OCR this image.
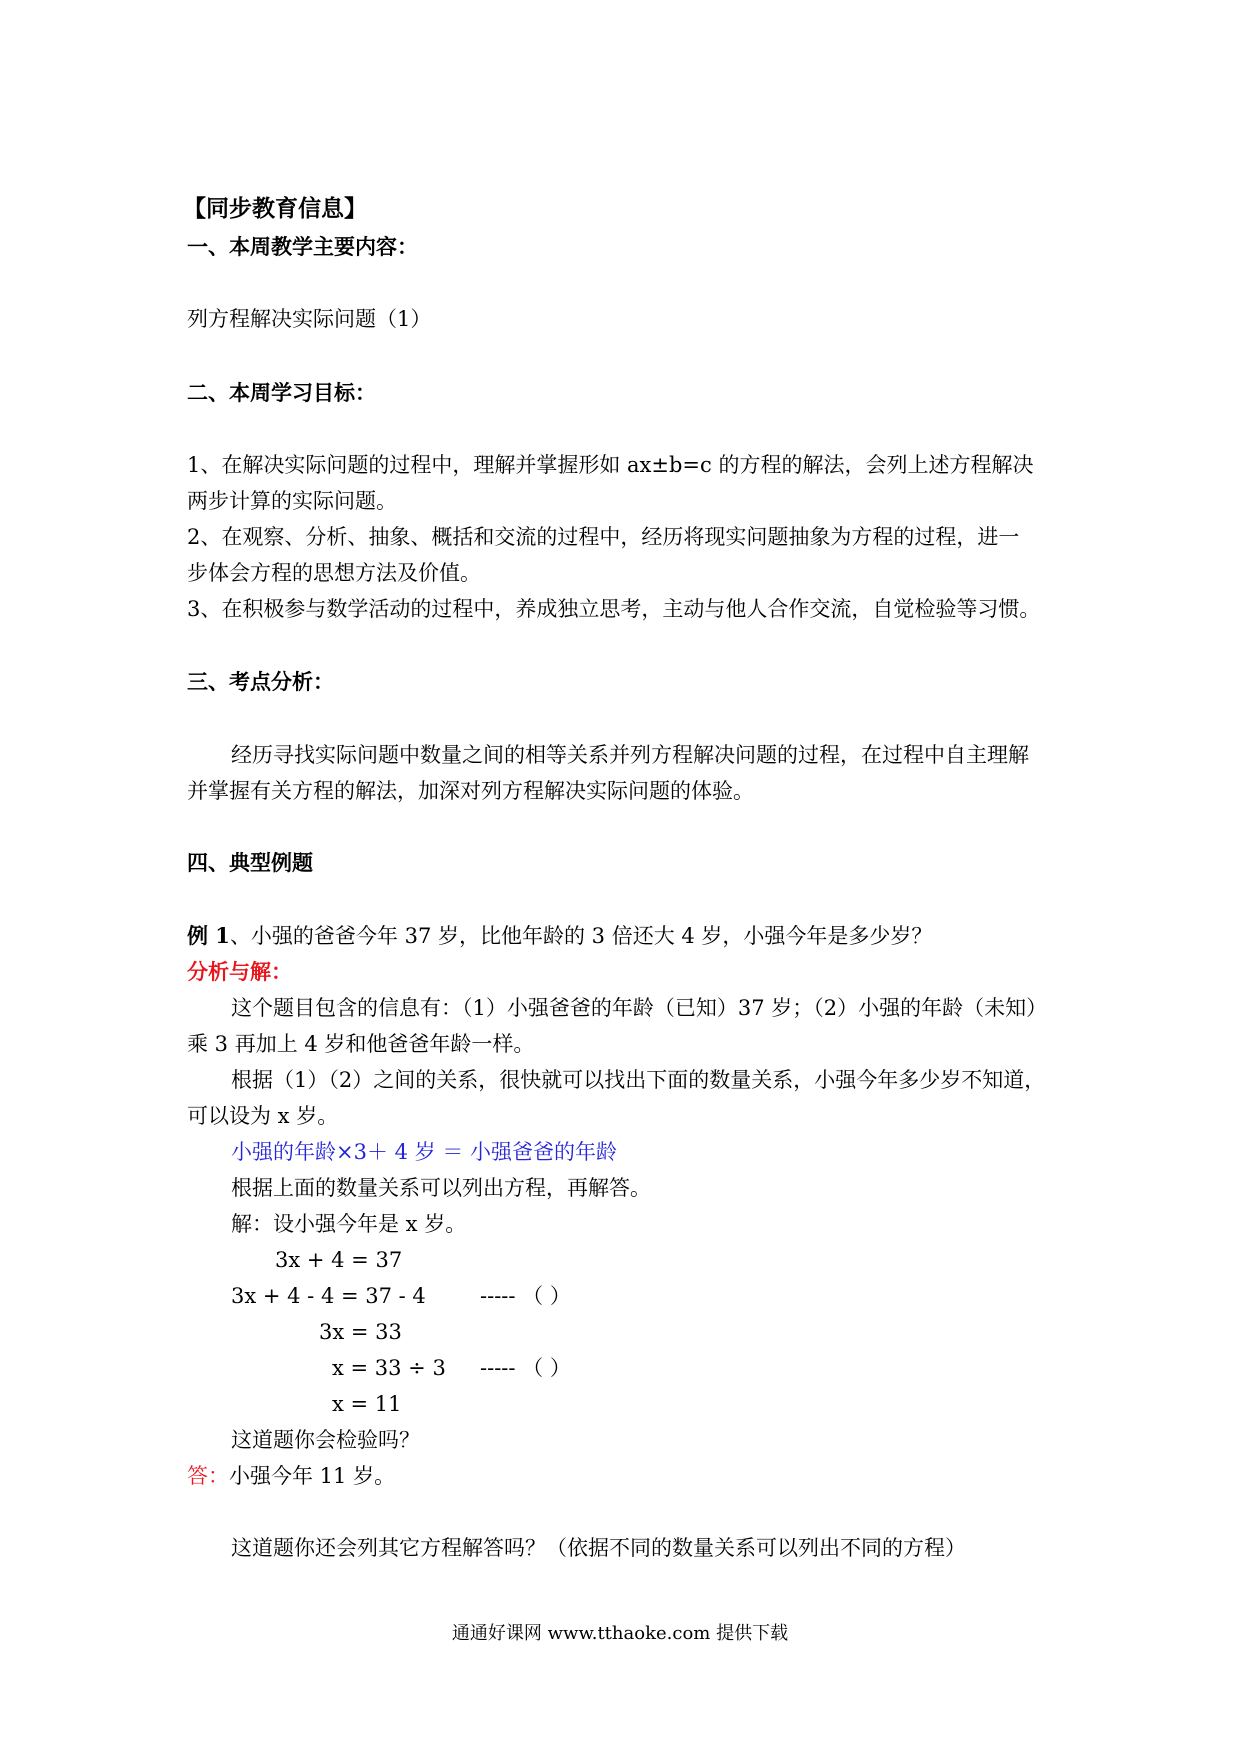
【同步教育信息】
一、本周教学主要内容：
列方程解决实际问题（1）
二、本周学习目标：
1、在解决实际问题的过程中，理解并掌握形如 ax±b=c 的方程的解法，会列上述方程解决
两步计算的实际问题。
2、在观察、分析、抽象、概括和交流的过程中，经历将现实问题抽象为方程的过程，进一
步体会方程的思想方法及价值。
3、在积极参与数学活动的过程中，养成独立思考，主动与他人合作交流，自觉检验等习惯。
三、考点分析：
经历寻找实际问题中数量之间的相等关系并列方程解决问题的过程，在过程中自主理解
并掌握有关方程的解法，加深对列方程解决实际问题的体验。
四、典型例题
例 1、小强的爸爸今年 37 岁，比他年龄的 3 倍还大 4 岁，小强今年是多少岁？
分析与解：
这个题目包含的信息有：（1）小强爸爸的年龄（已知）37 岁；（2）小强的年龄（未知）
乘 3 再加上 4 岁和他爸爸年龄一样。
根据（1）（2）之间的关系，很快就可以找出下面的数量关系，小强今年多少岁不知道，
可以设为 x 岁。
小强的年龄×3＋ 4 岁 ＝ 小强爸爸的年龄
根据上面的数量关系可以列出方程，再解答。
解：设小强今年是 x 岁。
3x + 4 = 37
3x + 4 - 4 = 37 - 4	----- （ ）
3x = 33
x = 33 ÷ 3 ----- （ ）
x = 11
这道题你会检验吗？
答：小强今年 11 岁。
这道题你还会列其它方程解答吗？（依据不同的数量关系可以列出不同的方程）
通通好课网 www.tthaoke.com 提供下载
